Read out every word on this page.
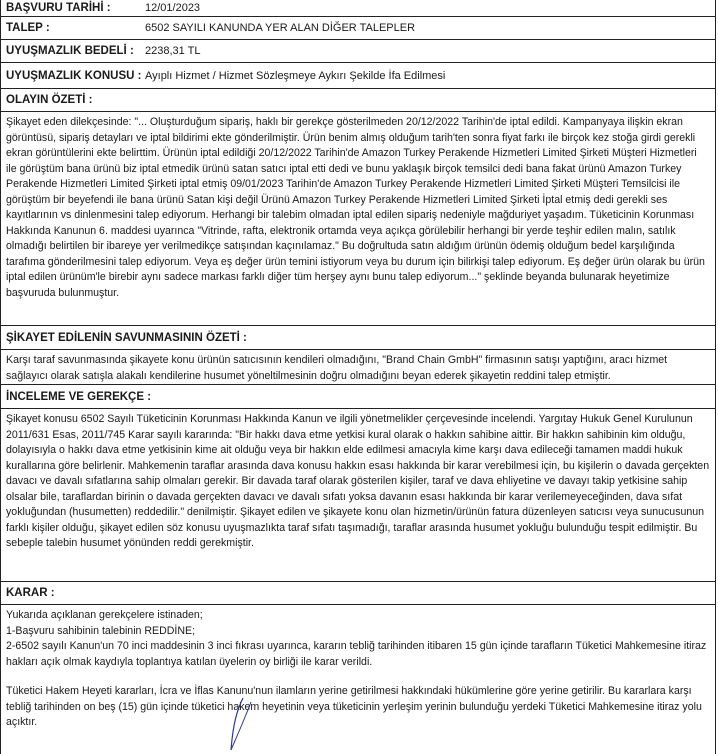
BAŞVURU TARİHİ :	12/01/2023
TALEP :	6502 SAYILI KANUNDA YER ALAN DİĞER TALEPLER
UYUŞMAZLIK BEDELİ :	2238,31 TL
UYUŞMAZLIK KONUSU : Ayıplı Hizmet / Hizmet Sözleşmeye Aykırı Şekilde İfa Edilmesi
OLAYIN ÖZETİ :

Şikayet eden dilekçesinde: "... Oluşturduğum sipariş, haklı bir gerekçe gösterilmeden 20/12/2022 Tarihin'de iptal edildi. Kampanyaya ilişkin ekran görüntüsü, sipariş detayları ve iptal bildirimi ekte gönderilmiştir. Ürün benim almış olduğum tarih'ten sonra fiyat farkı ile birçok kez stoğa girdi gerekli ekran görüntülerini ekte belirttim. Ürünün iptal edildiği 20/12/2022 Tarihin'de Amazon Turkey Perakende Hizmetleri Limited Şirketi Müşteri Hizmetleri ile görüştüm bana ürünü biz iptal etmedik ürünü satan satıcı iptal etti dedi ve bunu yaklaşık birçok temsilci dedi bana fakat ürünü Amazon Turkey Perakende Hizmetleri Limited Şirketi iptal etmiş 09/01/2023 Tarihin'de Amazon Turkey Perakende Hizmetleri Limited Şirketi Müşteri Temsilcisi ile görüştüm bir beyefendi ile bana ürünü Satan kişi değil Ürünü Amazon Turkey Perakende Hizmetleri Limited Şirketi İptal etmiş dedi gerekli ses kayıtlarının vs dinlenmesini talep ediyorum. Herhangi bir talebim olmadan iptal edilen sipariş nedeniyle mağduriyet yaşadım. Tüketicinin Korunması Hakkında Kanunun 6. maddesi uyarınca "Vitrinde, rafta, elektronik ortamda veya açıkça görülebilir herhangi bir yerde teşhir edilen malın, satılık olmadığı belirtilen bir ibareye yer verilmedikçe satışından kaçınılamaz." Bu doğrultuda satın aldığım ürünün ödemiş olduğum bedel karşılığında tarafıma gönderilmesini talep ediyorum. Veya eş değer ürün temini istiyorum veya bu durum için bilirkişi talep ediyorum. Eş değer ürün olarak bu ürün iptal edilen ürünüm'le birebir aynı sadece markası farklı diğer tüm herşey aynı bunu talep ediyorum..." şeklinde beyanda bulunarak heyetimize başvuruda bulunmuştur.

ŞİKAYET EDİLENİN SAVUNMASININ ÖZETİ :

Karşı taraf savunmasında şikayete konu ürünün satıcısının kendileri olmadığını, "Brand Chain GmbH" firmasının satışı yaptığını, aracı hizmet sağlayıcı olarak satışla alakalı kendilerine husumet yöneltilmesinin doğru olmadığını beyan ederek şikayetin reddini talep etmiştir.

İNCELEME VE GEREKÇE :

Şikayet konusu 6502 Sayılı Tüketicinin Korunması Hakkında Kanun ve ilgili yönetmelikler çerçevesinde incelendi. Yargıtay Hukuk Genel Kurulunun 2011/631 Esas, 2011/745 Karar sayılı kararında: "Bir hakkı dava etme yetkisi kural olarak o hakkın sahibine aittir. Bir hakkın sahibinin kim olduğu, dolayısıyla o hakkı dava etme yetkisinin kime ait olduğu veya bir hakkın elde edilmesi amacıyla kime karşı dava edileceği tamamen maddi hukuk kurallarına göre belirlenir. Mahkemenin taraflar arasında dava konusu hakkın esası hakkında bir karar verebilmesi için, bu kişilerin o davada gerçekten davacı ve davalı sıfatlarına sahip olmaları gerekir. Bir davada taraf olarak gösterilen kişiler, taraf ve dava ehliyetine ve davayı takip yetkisine sahip olsalar bile, taraflardan birinin o davada gerçekten davacı ve davalı sıfatı yoksa davanın esası hakkında bir karar verilemeyeceğinden, dava sıfat yokluğundan (husumetten) reddedilir." denilmiştir. Şikayet edilen ve şikayete konu olan hizmetin/ürünün fatura düzenleyen satıcısı veya sunucusunun farklı kişiler olduğu, şikayet edilen söz konusu uyuşmazlıkta taraf sıfatı taşımadığı, taraflar arasında husumet yokluğu bulunduğu tespit edilmiştir. Bu sebeple talebin husumet yönünden reddi gerekmiştir.

KARAR :

Yukarıda açıklanan gerekçelere istinaden;

1-Başvuru sahibinin talebinin REDDİNE;

2-6502 sayılı Kanun'un 70 inci maddesinin 3 inci fıkrası uyarınca, kararın tebliğ tarihinden itibaren 15 gün içinde tarafların Tüketici Mahkemesine itiraz hakları açık olmak kaydıyla toplantıya katılan üyelerin oy birliği ile karar verildi.

Tüketici Hakem Heyeti kararları, İcra ve İflas Kanunu'nun ilamların yerine getirilmesi hakkındaki hükümlerine göre yerine getirilir. Bu kararlara karşı tebliğ tarihinden on beş (15) gün içinde tüketici hakem heyetinin veya tüketicinin yerleşim yerinin bulunduğu yerdeki Tüketici Mahkemesine itiraz yolu açıktır.
